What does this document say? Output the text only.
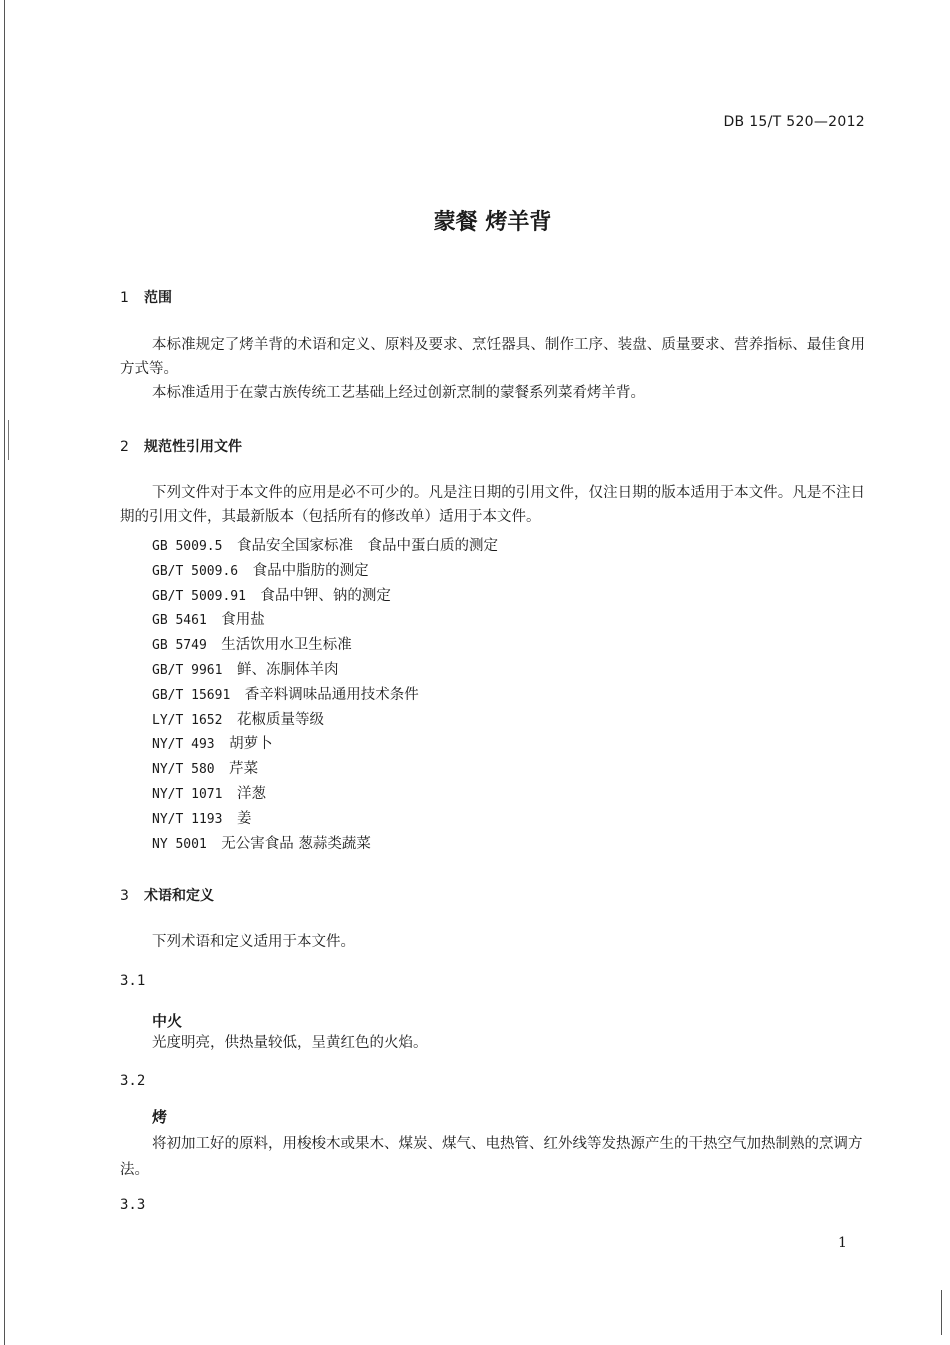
DB 15/T 520—2012
蒙餐 烤羊背
1 范围
本标准规定了烤羊背的术语和定义、原料及要求、烹饪器具、制作工序、装盘、质量要求、营养指标、最佳食用方式等。
本标准适用于在蒙古族传统工艺基础上经过创新烹制的蒙餐系列菜肴烤羊背。
2 规范性引用文件
下列文件对于本文件的应用是必不可少的。凡是注日期的引用文件，仅注日期的版本适用于本文件。凡是不注日期的引用文件，其最新版本（包括所有的修改单）适用于本文件。
GB 5009.5　 食品安全国家标准　食品中蛋白质的测定
GB/T 5009.6　 食品中脂肪的测定
GB/T 5009.91　 食品中钾、钠的测定
GB 5461　 食用盐
GB 5749　 生活饮用水卫生标准
GB/T 9961　 鲜、冻胴体羊肉
GB/T 15691　 香辛料调味品通用技术条件
LY/T 1652　 花椒质量等级
NY/T 493　 胡萝卜
NY/T 580　 芹菜
NY/T 1071　 洋葱
NY/T 1193　 姜
NY 5001　 无公害食品 葱蒜类蔬菜
3 术语和定义
下列术语和定义适用于本文件。
3.1
中火
光度明亮，供热量较低，呈黄红色的火焰。
3.2
烤
将初加工好的原料，用梭梭木或果木、煤炭、煤气、电热管、红外线等发热源产生的干热空气加热制熟的烹调方法。
3.3
1
